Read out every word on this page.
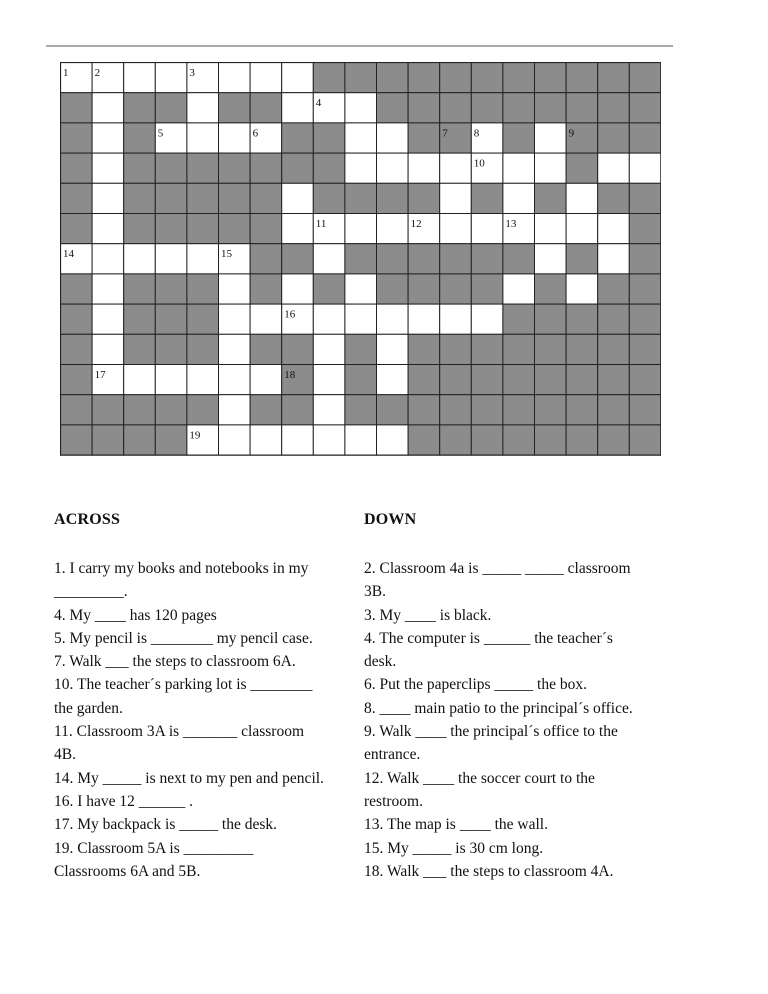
1 2	3
4
5	6	7 8	9
10
11	12	13
14	15
16
17	18
19
ACROSS
1. I carry my books and notebooks in my
_________.
4. My ____ has 120 pages
5. My pencil is ________ my pencil case.
7. Walk ___ the steps to classroom 6A.
10. The teacher´s parking lot is ________
the garden.
11. Classroom 3A is _______ classroom
4B.
14. My _____ is next to my pen and pencil.
16. I have 12 ______ .
17. My backpack is _____ the desk.
19. Classroom 5A is _________
Classrooms 6A and 5B.
DOWN
2. Classroom 4a is _____ _____ classroom
3B.
3. My ____ is black.
4. The computer is ______ the teacher´s
desk.
6. Put the paperclips _____ the box.
8. ____ main patio to the principal´s office.
9. Walk ____ the principal´s office to the
entrance.
12. Walk ____ the soccer court to the
restroom.
13. The map is ____ the wall.
15. My _____ is 30 cm long.
18. Walk ___ the steps to classroom 4A.
